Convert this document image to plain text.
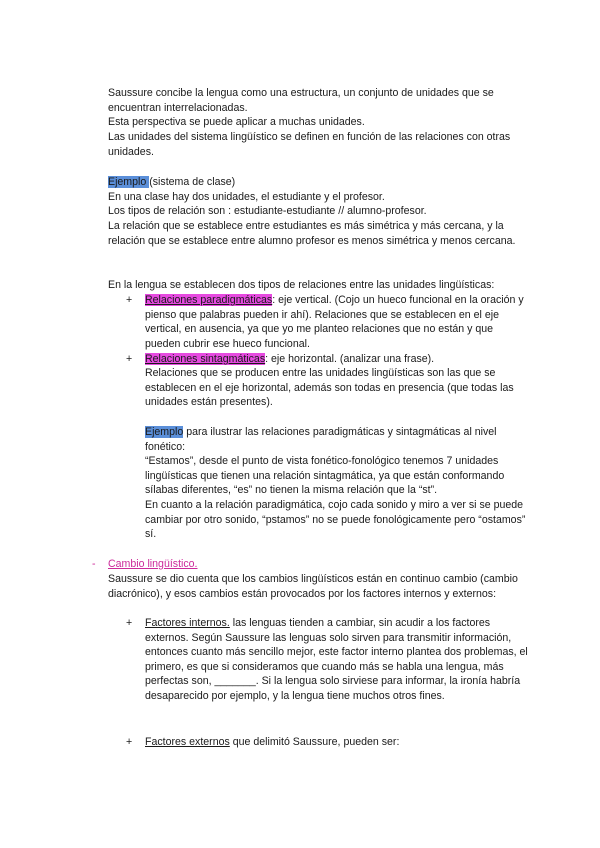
Saussure concibe la lengua como una estructura, un conjunto de unidades que se encuentran interrelacionadas.

Esta perspectiva se puede aplicar a muchas unidades.

Las unidades del sistema lingüístico se definen en función de las relaciones con otras unidades.

Ejemplo (sistema de clase)

En una clase hay dos unidades, el estudiante y el profesor.

Los tipos de relación son : estudiante-estudiante // alumno-profesor.

La relación que se establece entre estudiantes es más simétrica y más cercana, y la relación que se establece entre alumno profesor es menos simétrica y menos cercana.

En la lengua se establecen dos tipos de relaciones entre las unidades lingüísticas:

+	Relaciones paradigmáticas: eje vertical. (Cojo un hueco funcional en la oración y pienso que palabras pueden ir ahí). Relaciones que se establecen en el eje vertical, en ausencia, ya que yo me planteo relaciones que no están y que pueden cubrir ese hueco funcional.

+	Relaciones sintagmáticas: eje horizontal. (analizar una frase).

Relaciones que se producen entre las unidades lingüísticas son las que se establecen en el eje horizontal, además son todas en presencia (que todas las unidades están presentes).

Ejemplo para ilustrar las relaciones paradigmáticas y sintagmáticas al nivel fonético:

“Estamos”, desde el punto de vista fonético-fonológico tenemos 7 unidades lingüísticas que tienen una relación sintagmática, ya que están conformando sílabas diferentes, “es” no tienen la misma relación que la “st”.

En cuanto a la relación paradigmática, cojo cada sonido y miro a ver si se puede cambiar por otro sonido, “pstamos” no se puede fonológicamente pero “ostamos” sí.

- Cambio lingüístico.

Saussure se dio cuenta que los cambios lingüísticos están en continuo cambio (cambio diacrónico), y esos cambios están provocados por los factores internos y externos:

+	Factores internos. las lenguas tienden a cambiar, sin acudir a los factores externos. Según Saussure las lenguas solo sirven para transmitir información, entonces cuanto más sencillo mejor, este factor interno plantea dos problemas, el primero, es que si consideramos que cuando más se habla una lengua, más perfectas son, _______. Si la lengua solo sirviese para informar, la ironía habría desaparecido por ejemplo, y la lengua tiene muchos otros fines.

+	Factores externos que delimitó Saussure, pueden ser:
